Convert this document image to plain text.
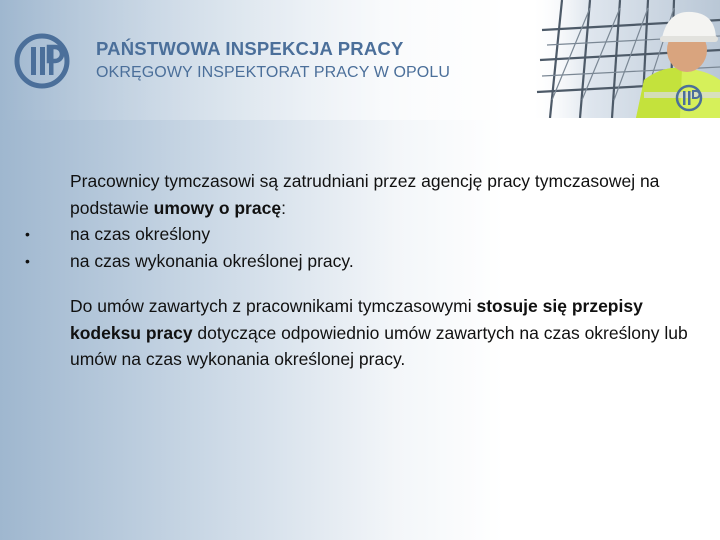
PAŃSTWOWA INSPEKCJA PRACY
OKRĘGOWY INSPEKTORAT PRACY W OPOLU
Pracownicy tymczasowi są zatrudniani przez agencję pracy tymczasowej na podstawie umowy o pracę:
• na czas określony
• na czas wykonania określonej pracy.
Do umów zawartych z pracownikami tymczasowymi stosuje się przepisy kodeksu pracy dotyczące odpowiednio umów zawartych na czas określony lub umów na czas wykonania określonej pracy.
